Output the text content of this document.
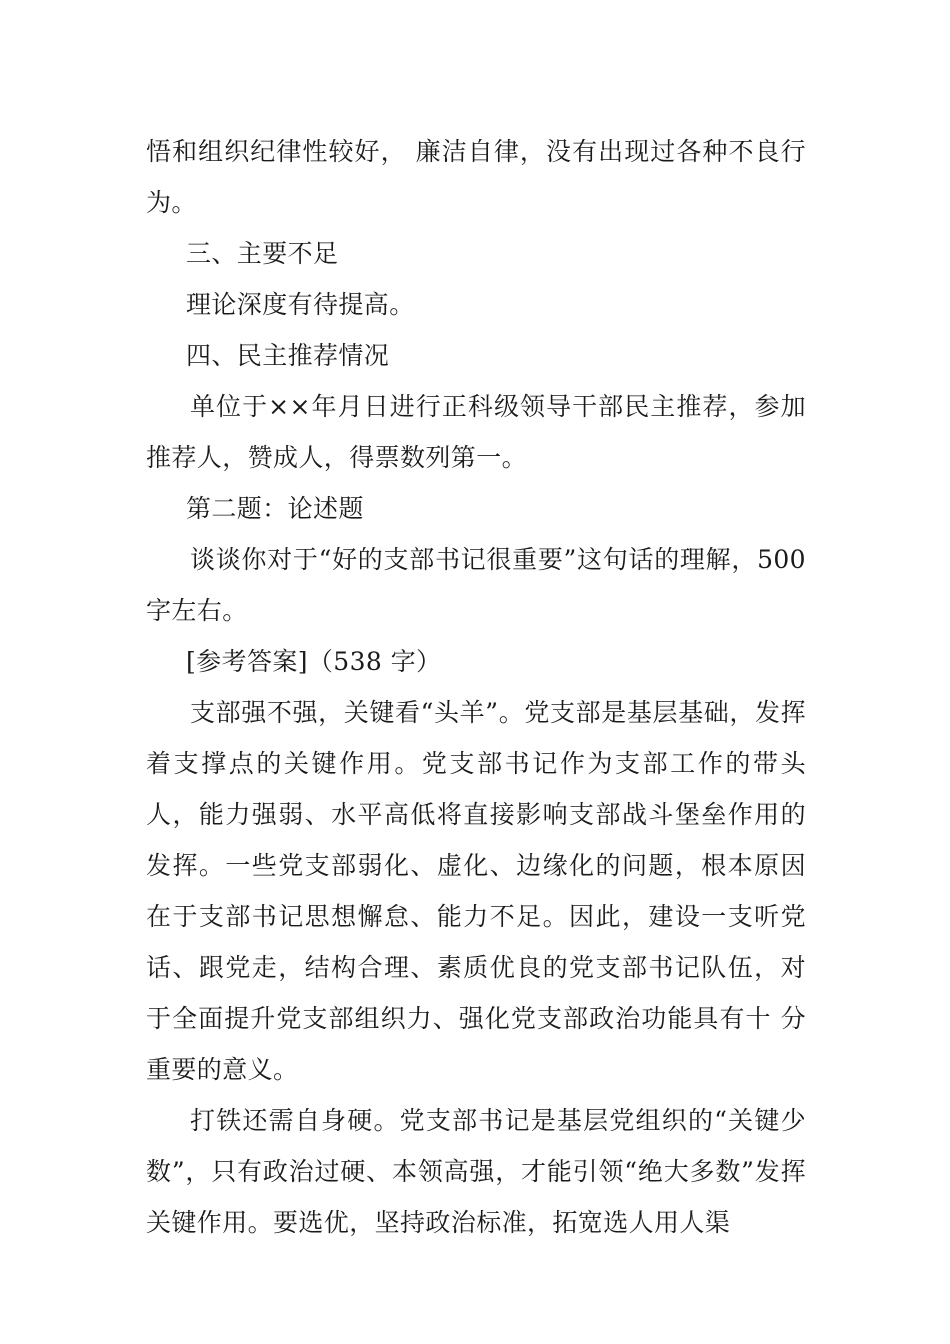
悟和组织纪律性较好， 廉洁自律，没有出现过各种不良行为。

三、主要不足

理论深度有待提高。

四、民主推荐情况

单位于××年月日进行正科级领导干部民主推荐，参加推荐人，赞成人，得票数列第一。

第二题：论述题

谈谈你对于“好的支部书记很重要”这句话的理解，500 字左右。

[参考答案]（538 字）

支部强不强，关键看“头羊”。党支部是基层基础，发挥着支撑点的关键作用。党支部书记作为支部工作的带头人，能力强弱、水平高低将直接影响支部战斗堡垒作用的发挥。一些党支部弱化、虚化、边缘化的问题，根本原因在于支部书记思想懈怠、能力不足。因此，建设一支听党话、跟党走，结构合理、素质优良的党支部书记队伍，对于全面提升党支部组织力、强化党支部政治功能具有十 分重要的意义。

打铁还需自身硬。党支部书记是基层党组织的“关键少数”，只有政治过硬、本领高强，才能引领“绝大多数”发挥关键作用。要选优，坚持政治标准，拓宽选人用人渠
